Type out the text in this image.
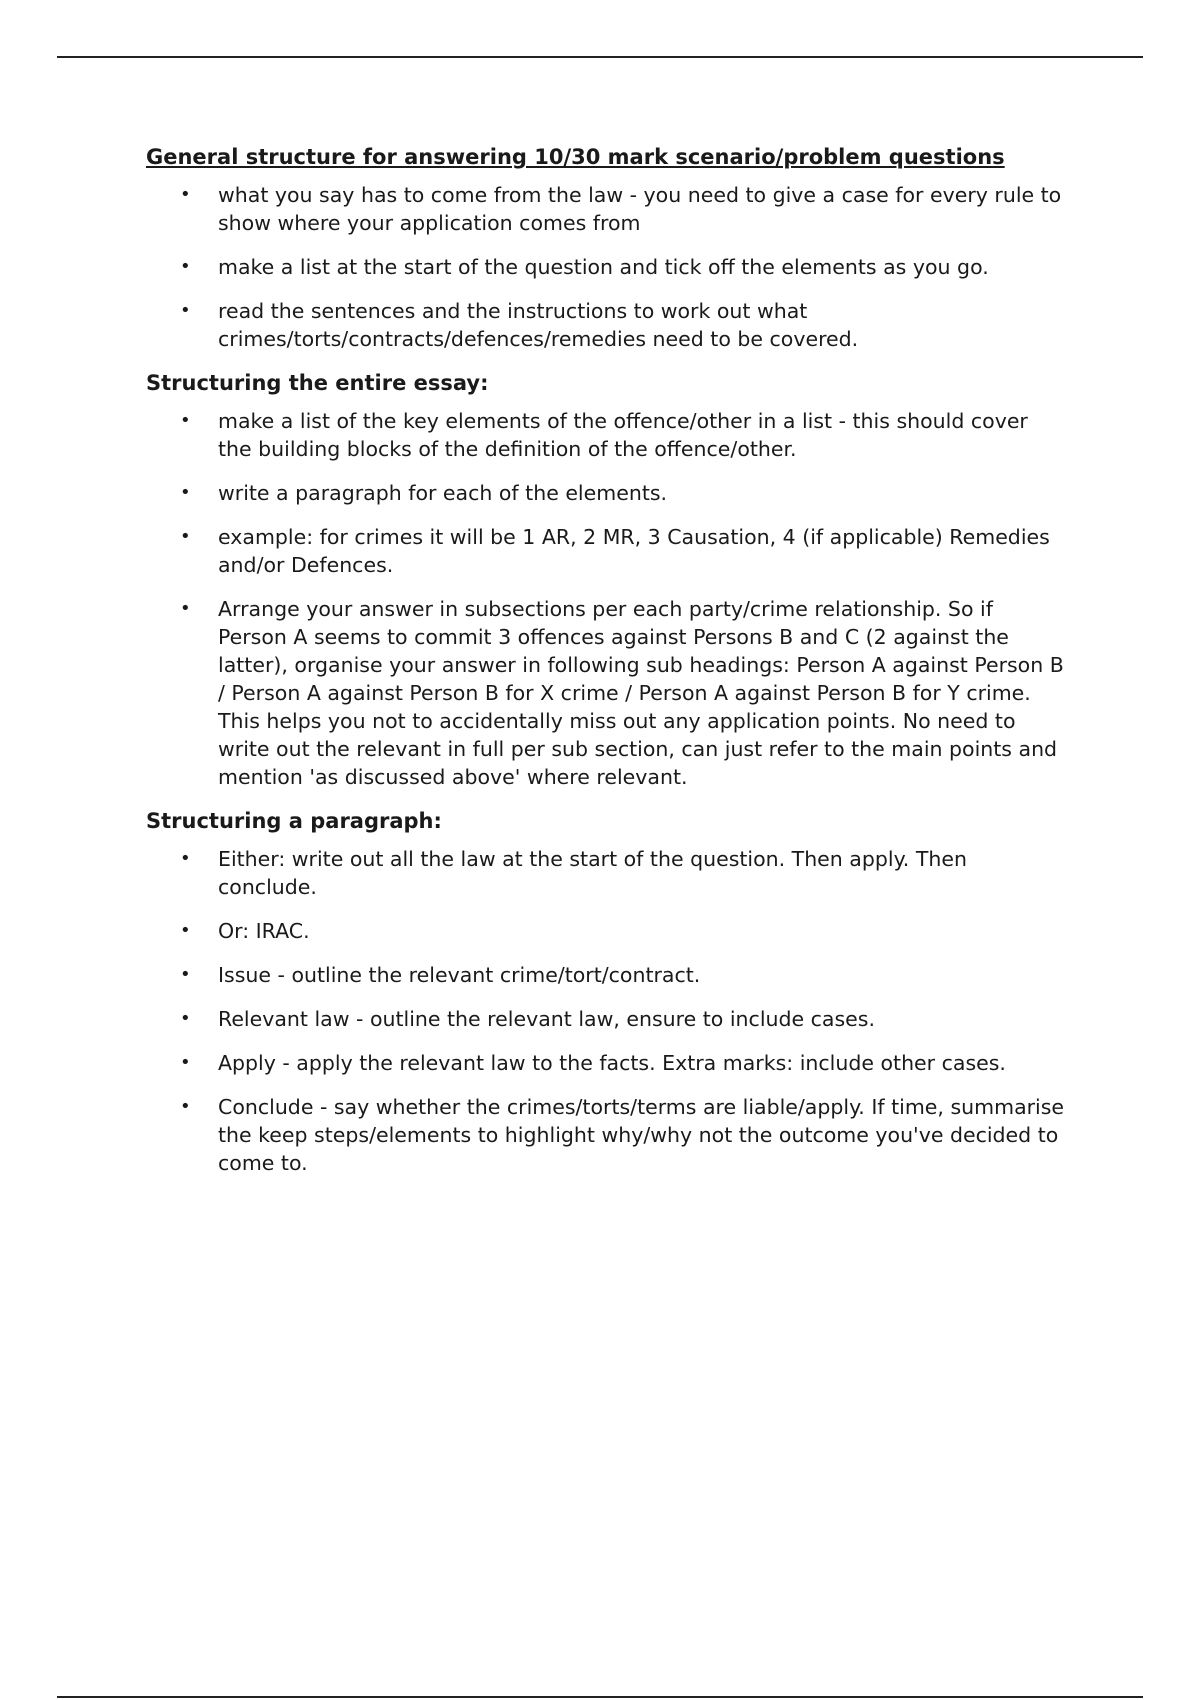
General structure for answering 10/30 mark scenario/problem questions
• what you say has to come from the law - you need to give a case for every rule to show where your application comes from
• make a list at the start of the question and tick off the elements as you go.
• read the sentences and the instructions to work out what crimes/torts/contracts/defences/remedies need to be covered.
Structuring the entire essay:
• make a list of the key elements of the offence/other in a list - this should cover the building blocks of the definition of the offence/other.
• write a paragraph for each of the elements.
• example: for crimes it will be 1 AR, 2 MR, 3 Causation, 4 (if applicable) Remedies and/or Defences.
• Arrange your answer in subsections per each party/crime relationship. So if Person A seems to commit 3 offences against Persons B and C (2 against the latter), organise your answer in following sub headings: Person A against Person B / Person A against Person B for X crime / Person A against Person B for Y crime. This helps you not to accidentally miss out any application points. No need to write out the relevant in full per sub section, can just refer to the main points and mention 'as discussed above' where relevant.
Structuring a paragraph:
• Either: write out all the law at the start of the question. Then apply. Then conclude.
• Or: IRAC.
• Issue - outline the relevant crime/tort/contract.
• Relevant law - outline the relevant law, ensure to include cases.
• Apply - apply the relevant law to the facts. Extra marks: include other cases.
• Conclude - say whether the crimes/torts/terms are liable/apply. If time, summarise the keep steps/elements to highlight why/why not the outcome you've decided to come to.
